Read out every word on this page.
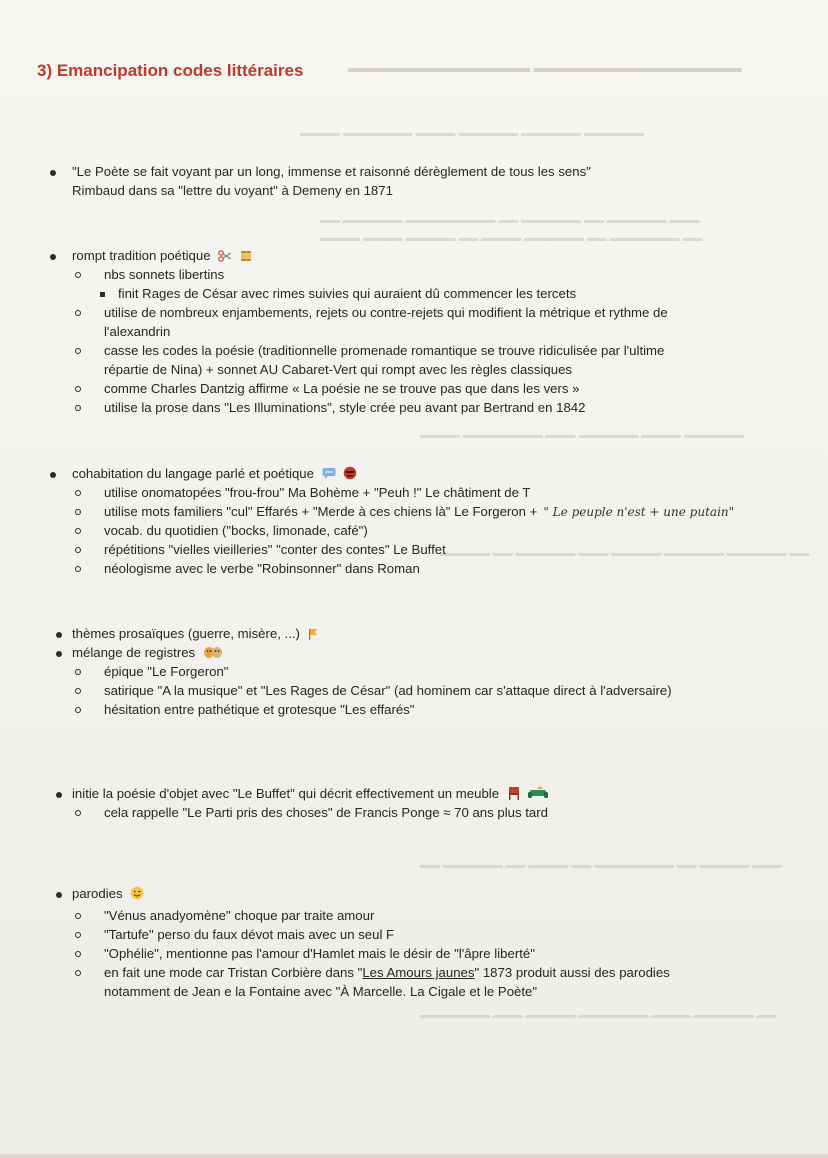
▬▬▬▬▬▬▬▬▬▬▬▬▬▬ ▬▬▬▬▬▬▬▬▬▬▬▬▬▬▬▬
▬▬▬▬ ▬▬▬▬▬▬▬ ▬▬▬▬ ▬▬▬▬▬▬ ▬▬▬▬▬▬ ▬▬▬▬▬▬
▬▬ ▬▬▬▬▬▬ ▬▬▬▬▬▬▬▬▬ ▬▬ ▬▬▬▬▬▬ ▬▬ ▬▬▬▬▬▬ ▬▬▬
▬▬▬▬ ▬▬▬▬ ▬▬▬▬▬ ▬▬ ▬▬▬▬ ▬▬▬▬▬▬ ▬▬ ▬▬▬▬▬▬▬ ▬▬
▬▬▬▬ ▬▬▬▬▬▬▬▬ ▬▬▬ ▬▬▬▬▬▬ ▬▬▬▬ ▬▬▬▬▬▬
▬▬▬▬▬ ▬▬ ▬▬▬▬▬▬ ▬▬▬ ▬▬▬▬▬ ▬▬▬▬▬▬ ▬▬▬▬▬▬ ▬▬
▬▬ ▬▬▬▬▬▬ ▬▬ ▬▬▬▬ ▬▬ ▬▬▬▬▬▬▬▬ ▬▬ ▬▬▬▬▬ ▬▬▬
▬▬▬▬▬▬▬ ▬▬▬ ▬▬▬▬▬ ▬▬▬▬▬▬▬ ▬▬▬▬ ▬▬▬▬▬▬ ▬▬
3) Emancipation codes littéraires
"Le Poète se fait voyant par un long, immense et raisonné dérèglement de tous les sens"
Rimbaud dans sa "lettre du voyant" à Demeny en 1871
rompt tradition poétique
nbs sonnets libertins
finit Rages de César avec rimes suivies qui auraient dû commencer les tercets
utilise de nombreux enjambements, rejets ou contre-rejets qui modifient la métrique et rythme de
l'alexandrin
casse les codes la poésie (traditionnelle promenade romantique se trouve ridiculisée par l'ultime
répartie de Nina) + sonnet AU Cabaret-Vert qui rompt avec les règles classiques
comme Charles Dantzig affirme « La poésie ne se trouve pas que dans les vers »
utilise la prose dans "Les Illuminations", style crée peu avant par Bertrand en 1842
cohabitation du langage parlé et poétique
utilise onomatopées "frou-frou" Ma Bohème + "Peuh !" Le châtiment de T
utilise mots familiers "cul" Effarés + "Merde à ces chiens là" Le Forgeron + " Le peuple n'est + une putain"
vocab. du quotidien ("bocks, limonade, café")
répétitions "vielles vieilleries" "conter des contes" Le Buffet
néologisme avec le verbe "Robinsonner" dans Roman
thèmes prosaïques (guerre, misère, ...)
mélange de registres
épique "Le Forgeron"
satirique "A la musique" et "Les Rages de César" (ad hominem car s'attaque direct à l'adversaire)
hésitation entre pathétique et grotesque "Les effarés"
initie la poésie d'objet avec "Le Buffet" qui décrit effectivement un meuble
cela rappelle "Le Parti pris des choses" de Francis Ponge ≈ 70 ans plus tard
parodies
"Vénus anadyomène" choque par traite amour
"Tartufe" perso du faux dévot mais avec un seul F
"Ophélie", mentionne pas l'amour d'Hamlet mais le désir de "l'âpre liberté"
en fait une mode car Tristan Corbière dans "Les Amours jaunes" 1873 produit aussi des parodies
notamment de Jean e la Fontaine avec "À Marcelle. La Cigale et le Poète"
